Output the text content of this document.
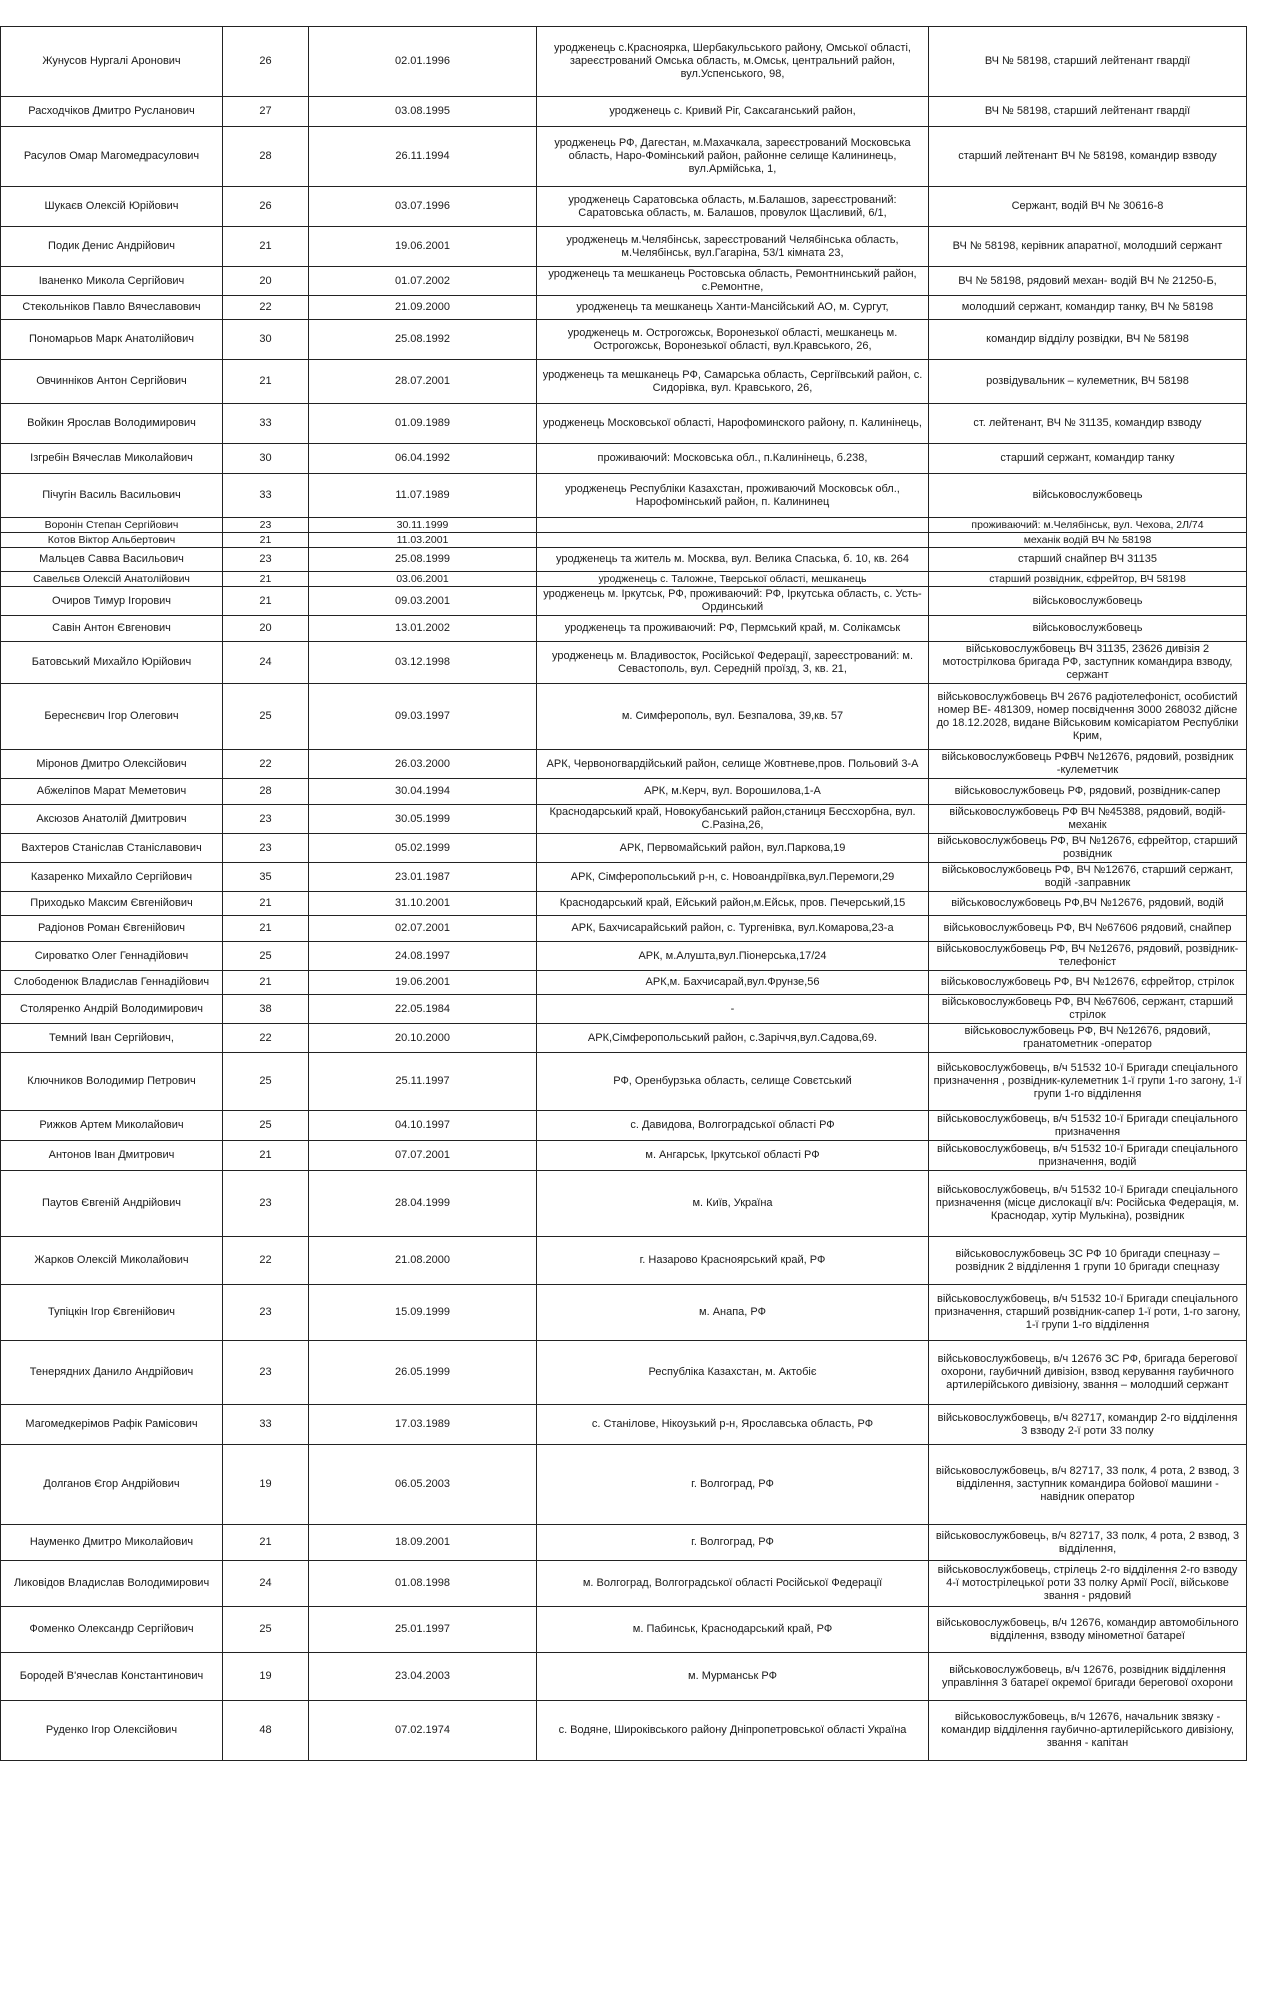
Жунусов Нургалі Аронович	26	02.01.1996	уродженець с.Красноярка, Шербакульського району, Омської області, зареєстрований Омська область, м.Омськ, центральний район, вул.Успенського, 98,	ВЧ № 58198, старший лейтенант гвардії
Расходчіков Дмитро Русланович	27	03.08.1995	уродженець с. Кривий Ріг, Саксаганський район,	ВЧ № 58198, старший лейтенант гвардії
Расулов Омар Магомедрасулович	28	26.11.1994	уродженець РФ, Дагестан, м.Махачкала, зареєстрований Московська область, Наро-Фомінський район, районне селище Калининець, вул.Армійська, 1,	старший лейтенант ВЧ № 58198, командир взводу
Шукаєв Олексій Юрійович	26	03.07.1996	уродженець Саратовська область, м.Балашов, зареєстрований: Саратовська область, м. Балашов, провулок Щасливий, 6/1,	Сержант, водій ВЧ № 30616-8
Подик Денис Андрійович	21	19.06.2001	уродженець м.Челябінськ, зареєстрований Челябінська область, м.Челябінськ, вул.Гагаріна, 53/1 кімната 23,	ВЧ № 58198, керівник апаратної, молодший сержант
Іваненко Микола Сергійович	20	01.07.2002	уродженець та мешканець Ростовська область, Ремонтнинський район, с.Ремонтне,	ВЧ № 58198, рядовий механ- водій ВЧ № 21250-Б,
Стекольніков Павло Вячеславович	22	21.09.2000	уродженець та мешканець Ханти-Мансійський АО, м. Сургут,	молодший сержант, командир танку, ВЧ № 58198
Пономарьов Марк Анатолійович	30	25.08.1992	уродженець м. Острогожськ, Воронезької області, мешканець м. Острогожськ, Воронезької області, вул.Кравського, 26,	командир відділу розвідки, ВЧ № 58198
Овчинніков Антон Сергійович	21	28.07.2001	уродженець та мешканець РФ, Самарська область, Сергіївський район, с. Сидорівка, вул. Кравського, 26,	розвідувальник – кулеметник, ВЧ 58198
Войкин Ярослав Володимирович	33	01.09.1989	уродженець Московської області, Нарофоминского району, п. Калинінець,	ст. лейтенант, ВЧ № 31135, командир взводу
Ізгребін Вячеслав Миколайович	30	06.04.1992	проживаючий: Московська обл., п.Калинінець, б.238,	старший сержант, командир танку
Пічугін Василь Васильович	33	11.07.1989	уродженець Республіки Казахстан, проживаючий Московськ обл., Нарофомінський район, п. Калининец	військовослужбовець
Воронін Степан Сергійович	23	30.11.1999		проживаючий: м.Челябінськ, вул. Чехова, 2Л/74
Котов Віктор Альбертович	21	11.03.2001		механік водій ВЧ № 58198
Мальцев Савва Васильович	23	25.08.1999	уродженець та житель м. Москва, вул. Велика Спаська, б. 10, кв. 264	старший снайпер ВЧ 31135
Савельєв Олексій Анатолійович	21	03.06.2001	уродженець с. Таложне, Тверської області, мешканець	старший розвідник, єфрейтор, ВЧ 58198
Очиров Тимур Ігорович	21	09.03.2001	уродженець м. Іркутськ, РФ, проживаючий: РФ, Іркутська область, с. Усть-Ординський	військовослужбовець
Савін Антон Євгенович	20	13.01.2002	уродженець та проживаючий: РФ, Пермський край, м. Солікамськ	військовослужбовець
Батовський Михайло Юрійович	24	03.12.1998	уродженець м. Владивосток, Російської Федерації, зареєстрований: м. Севастополь, вул. Середній проїзд, 3, кв. 21,	військовослужбовець ВЧ 31135, 23626 дивізія 2 мотострілкова бригада РФ, заступник командира взводу, сержант
Береснєвич Ігор Олегович	25	09.03.1997	м. Симферополь, вул. Безпалова, 39,кв. 57	військовослужбовець ВЧ 2676 радіотелефоніст, особистий номер ВЕ- 481309, номер посвідчення 3000 268032 дійсне до 18.12.2028, видане Військовим комісаріатом Республіки Крим,
Міронов Дмитро Олексійович	22	26.03.2000	АРК, Червоногвардійський район, селище Жовтневе,пров. Польовий 3-А	військовослужбовець РФВЧ №12676, рядовий, розвідник -кулеметчик
Абжеліпов Марат Меметович	28	30.04.1994	АРК, м.Керч, вул. Ворошилова,1-А	військовослужбовець РФ, рядовий, розвідник-сапер
Аксюзов Анатолій Дмитрович	23	30.05.1999	Краснодарський край, Новокубанський район,станиця Бессхорбна, вул. С.Разіна,26,	військовослужбовець РФ ВЧ №45388, рядовий, водій-механік
Вахтеров Станіслав Станіславович	23	05.02.1999	АРК, Первомайський район, вул.Паркова,19	військовослужбовець РФ, ВЧ №12676, єфрейтор, старший розвідник
Казаренко Михайло Сергійович	35	23.01.1987	АРК, Сімферопольський р-н, с. Новоандріївка,вул.Перемоги,29	військовослужбовець РФ, ВЧ №12676, старший сержант, водій -заправник
Приходько Максим Євгенійович	21	31.10.2001	Краснодарський край, Ейський район,м.Ейськ, пров. Печерський,15	військовослужбовець РФ,ВЧ №12676, рядовий, водій
Радіонов Роман Євгенійович	21	02.07.2001	АРК, Бахчисарайський район, с. Тургенівка, вул.Комарова,23-а	військовослужбовець РФ, ВЧ №67606 рядовий, снайпер
Сироватко Олег Геннадійович	25	24.08.1997	АРК, м.Алушта,вул.Піонерська,17/24	військовослужбовець РФ, ВЧ №12676, рядовий, розвідник- телефоніст
Слободенюк Владислав Геннадійович	21	19.06.2001	АРК,м. Бахчисарай,вул.Фрунзе,56	військовослужбовець РФ, ВЧ №12676, єфрейтор, стрілок
Столяренко Андрій Володимирович	38	22.05.1984	-	військовослужбовець РФ, ВЧ №67606, сержант, старший стрілок
Темний Іван Сергійович,	22	20.10.2000	АРК,Сімферопольський район, с.Заріччя,вул.Садова,69.	військовослужбовець РФ, ВЧ №12676, рядовий, гранатометник -оператор
Ключников Володимир Петрович	25	25.11.1997	РФ, Оренбурзька область, селище Совєтський	військовослужбовець, в/ч 51532 10-ї Бригади спеціального призначення , розвідник-кулеметник 1-ї групи 1-го загону, 1-ї групи 1-го відділення
Рижков Артем Миколайович	25	04.10.1997	с. Давидова, Волгоградської області РФ	військовослужбовець, в/ч 51532 10-ї Бригади спеціального призначення
Антонов Іван Дмитрович	21	07.07.2001	м. Ангарськ, Іркутської області РФ	військовослужбовець, в/ч 51532 10-ї Бригади спеціального призначення, водій
Паутов Євгеній Андрійович	23	28.04.1999	м. Київ, Україна	військовослужбовець, в/ч 51532 10-ї Бригади спеціального призначення (місце дислокації в/ч: Російська Федерація, м. Краснодар, хутір Мулькіна), розвідник
Жарков Олексій Миколайович	22	21.08.2000	г. Назарово Красноярський край, РФ	військовослужбовець ЗС РФ 10 бригади спецназу – розвідник 2 відділення 1 групи 10 бригади спецназу
Тупіцкін Ігор Євгенійович	23	15.09.1999	м. Анапа, РФ	військовослужбовець, в/ч 51532 10-ї Бригади спеціального призначення, старший розвідник-сапер 1-ї роти, 1-го загону, 1-ї групи 1-го відділення
Тенерядних Данило Андрійович	23	26.05.1999	Республіка Казахстан, м. Актобіє	військовослужбовець, в/ч 12676 ЗС РФ, бригада берегової охорони, гаубичний дивізіон, взвод керування гаубичного артилерійського дивізіону, звання – молодший сержант
Магомедкерімов Рафік Рамісович	33	17.03.1989	с. Станілове, Нікоузький р-н, Ярославська область, РФ	військовослужбовець, в/ч 82717, командир 2-го відділення 3 взводу 2-ї роти 33 полку
Долганов Єгор Андрійович	19	06.05.2003	г. Волгоград, РФ	військовослужбовець, в/ч 82717, 33 полк, 4 рота, 2 взвод, 3 відділення, заступник командира бойової машини - навідник оператор
Науменко Дмитро Миколайович	21	18.09.2001	г. Волгоград, РФ	військовослужбовець, в/ч 82717, 33 полк, 4 рота, 2 взвод, 3 відділення,
Ликовідов Владислав Володимирович	24	01.08.1998	м. Волгоград, Волгоградської області Російської Федерації	військовослужбовець, стрілець 2-го відділення 2-го взводу 4-ї мотострілецької роти 33 полку Армії Росії, військове звання - рядовий
Фоменко Олександр Сергійович	25	25.01.1997	м. Пабинськ, Краснодарський край, РФ	військовослужбовець, в/ч 12676, командир автомобільного відділення, взводу мінометної батареї
Бородей В'ячеслав Константинович	19	23.04.2003	м. Мурманськ РФ	військовослужбовець, в/ч 12676, розвідник відділення управління 3 батареї окремої бригади берегової охорони
Руденко Ігор Олексійович	48	07.02.1974	с. Водяне, Широківського району Дніпропетровської області Україна	військовослужбовець, в/ч 12676, начальник звязку - командир відділення гаубично-артилерійського дивізіону, звання - капітан
